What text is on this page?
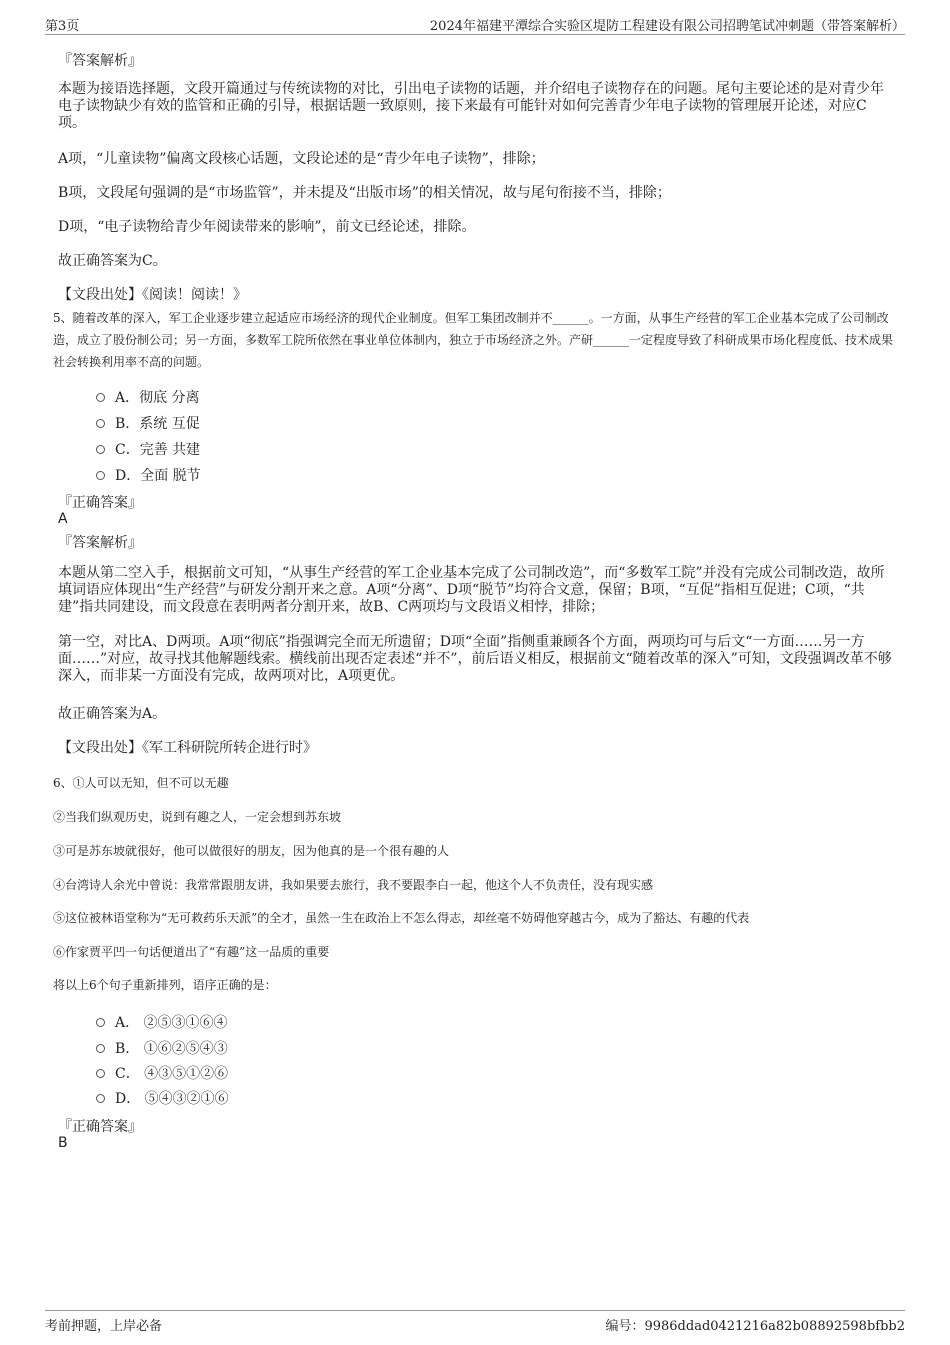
第3页	2024年福建平潭综合实验区堤防工程建设有限公司招聘笔试冲刺题（带答案解析）
『答案解析』
本题为接语选择题，文段开篇通过与传统读物的对比，引出电子读物的话题，并介绍电子读物存在的问题。尾句主要论述的是对青少年电子读物缺少有效的监管和正确的引导，根据话题一致原则，接下来最有可能针对如何完善青少年电子读物的管理展开论述，对应C项。
A项，“儿童读物”偏离文段核心话题，文段论述的是“青少年电子读物”，排除；
B项，文段尾句强调的是“市场监管”，并未提及“出版市场”的相关情况，故与尾句衔接不当，排除；
D项，“电子读物给青少年阅读带来的影响”，前文已经论述，排除。
故正确答案为C。
【文段出处】《阅读！阅读！》
5、随着改革的深入，军工企业逐步建立起适应市场经济的现代企业制度。但军工集团改制并不______。一方面，从事生产经营的军工企业基本完成了公司制改造，成立了股份制公司；另一方面，多数军工院所依然在事业单位体制内，独立于市场经济之外。产研______一定程度导致了科研成果市场化程度低、技术成果社会转换利用率不高的问题。
A．彻底 分离
B．系统 互促
C．完善 共建
D．全面 脱节
『正确答案』
A
『答案解析』
本题从第二空入手，根据前文可知，“从事生产经营的军工企业基本完成了公司制改造”，而“多数军工院”并没有完成公司制改造，故所填词语应体现出“生产经营”与研发分割开来之意。A项“分离”、D项“脱节”均符合文意，保留；B项，“互促”指相互促进；C项，“共建”指共同建设，而文段意在表明两者分割开来，故B、C两项均与文段语义相悖，排除；
第一空，对比A、D两项。A项“彻底”指强调完全而无所遗留；D项“全面”指侧重兼顾各个方面，两项均可与后文“一方面……另一方面……”对应，故寻找其他解题线索。横线前出现否定表述“并不”，前后语义相反，根据前文“随着改革的深入”可知，文段强调改革不够深入，而非某一方面没有完成，故两项对比，A项更优。
故正确答案为A。
【文段出处】《军工科研院所转企进行时》
6、①人可以无知，但不可以无趣
②当我们纵观历史，说到有趣之人，一定会想到苏东坡
③可是苏东坡就很好，他可以做很好的朋友，因为他真的是一个很有趣的人
④台湾诗人余光中曾说：我常常跟朋友讲，我如果要去旅行，我不要跟李白一起，他这个人不负责任，没有现实感
⑤这位被林语堂称为“无可救药乐天派”的全才，虽然一生在政治上不怎么得志，却丝毫不妨碍他穿越古今，成为了豁达、有趣的代表
⑥作家贾平凹一句话便道出了“有趣”这一品质的重要
将以上6个句子重新排列，语序正确的是：
A． ②⑤③①⑥④
B． ①⑥②⑤④③
C． ④③⑤①②⑥
D． ⑤④③②①⑥
『正确答案』
B
考前押题，上岸必备	编号：9986ddad0421216a82b08892598bfbb2
